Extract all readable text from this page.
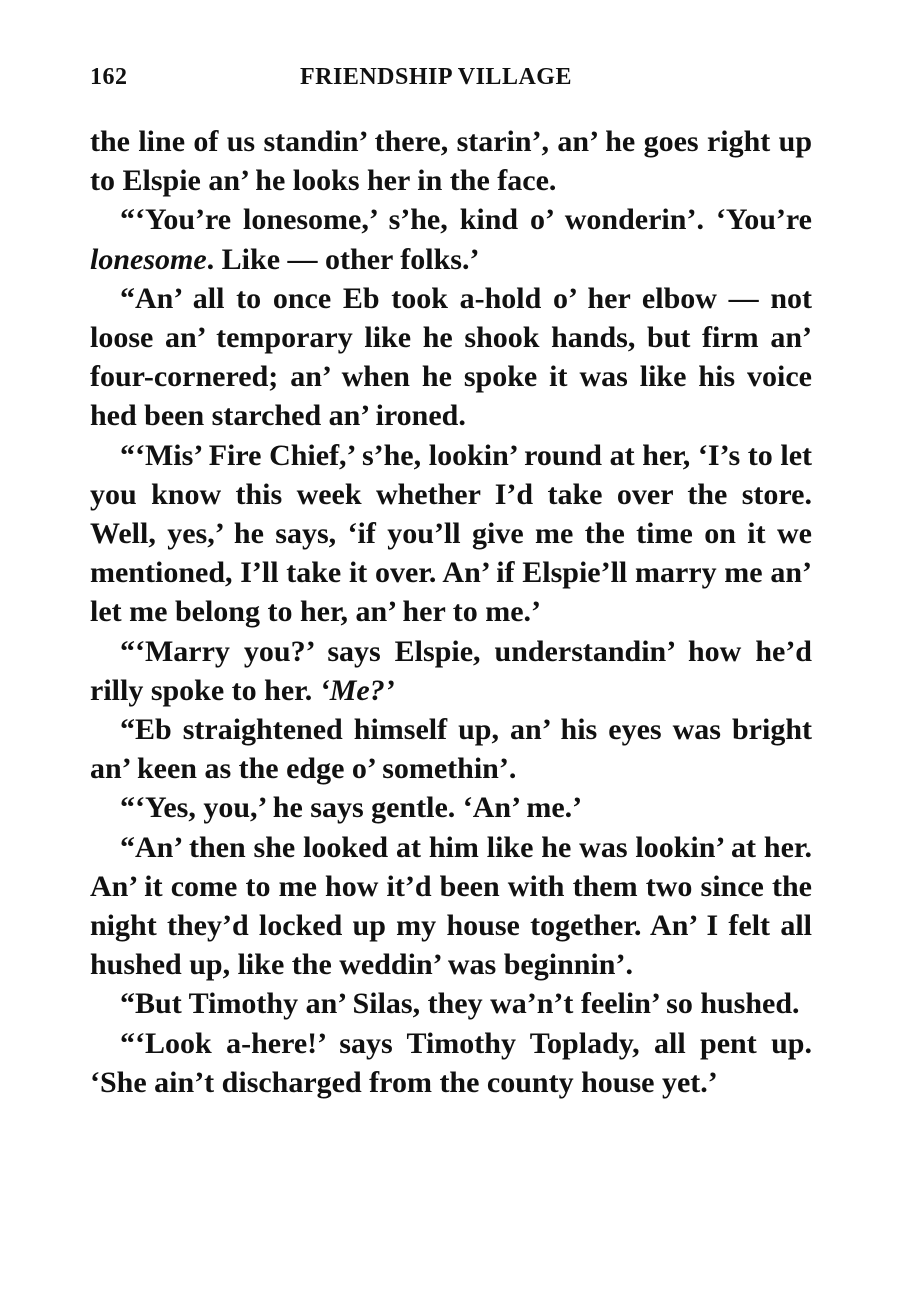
162	FRIENDSHIP VILLAGE

the line of us standin’ there, starin’, an’ he goes right up to Elspie an’ he looks her in the face.

“‘You’re lonesome,’ s’he, kind o’ wonderin’. ‘You’re lonesome. Like — other folks.’

“An’ all to once Eb took a-hold o’ her elbow — not loose an’ temporary like he shook hands, but firm an’ four-cornered; an’ when he spoke it was like his voice hed been starched an’ ironed.

“‘Mis’ Fire Chief,’ s’he, lookin’ round at her, ‘I’s to let you know this week whether I’d take over the store. Well, yes,’ he says, ‘if you’ll give me the time on it we mentioned, I’ll take it over. An’ if Elspie’ll marry me an’ let me belong to her, an’ her to me.’

“‘Marry you?’ says Elspie, understandin’ how he’d rilly spoke to her. ‘Me?’

“Eb straightened himself up, an’ his eyes was bright an’ keen as the edge o’ somethin’.

“‘Yes, you,’ he says gentle. ‘An’ me.’

“An’ then she looked at him like he was lookin’ at her. An’ it come to me how it’d been with them two since the night they’d locked up my house together. An’ I felt all hushed up, like the weddin’ was beginnin’.

“But Timothy an’ Silas, they wa’n’t feelin’ so hushed.

“‘Look a-here!’ says Timothy Toplady, all pent up. ‘She ain’t discharged from the county house yet.’
